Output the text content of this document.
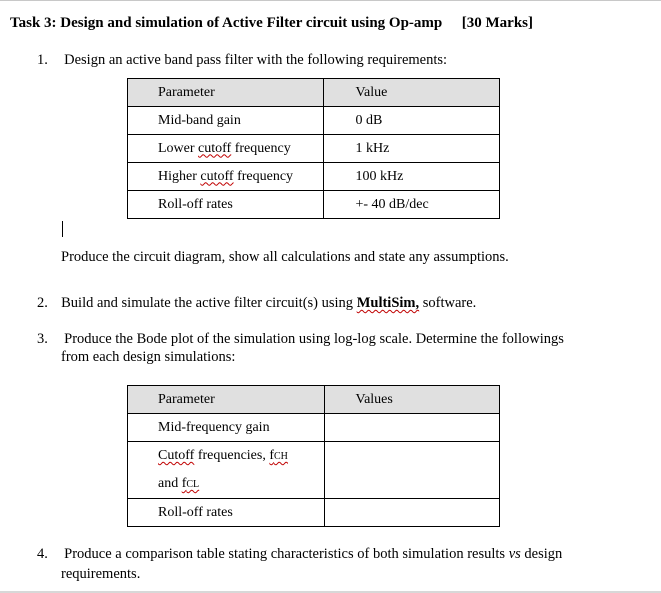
Task 3: Design and simulation of Active Filter circuit using Op-amp [30 Marks]
1. Design an active band pass filter with the following requirements:
Parameter	Value
Mid-band gain	0 dB
Lower cutoff frequency	1 kHz
Higher cutoff frequency	100 kHz
Roll-off rates	+- 40 dB/dec
Produce the circuit diagram, show all calculations and state any assumptions.
2. Build and simulate the active filter circuit(s) using MultiSim, software.
3. Produce the Bode plot of the simulation using log-log scale. Determine the followings
from each design simulations:
Parameter	Values
Mid-frequency gain	

Cutoff frequencies, fCH
and fCL	

Roll-off rates	
4. Produce a comparison table stating characteristics of both simulation results vs design
requirements.
